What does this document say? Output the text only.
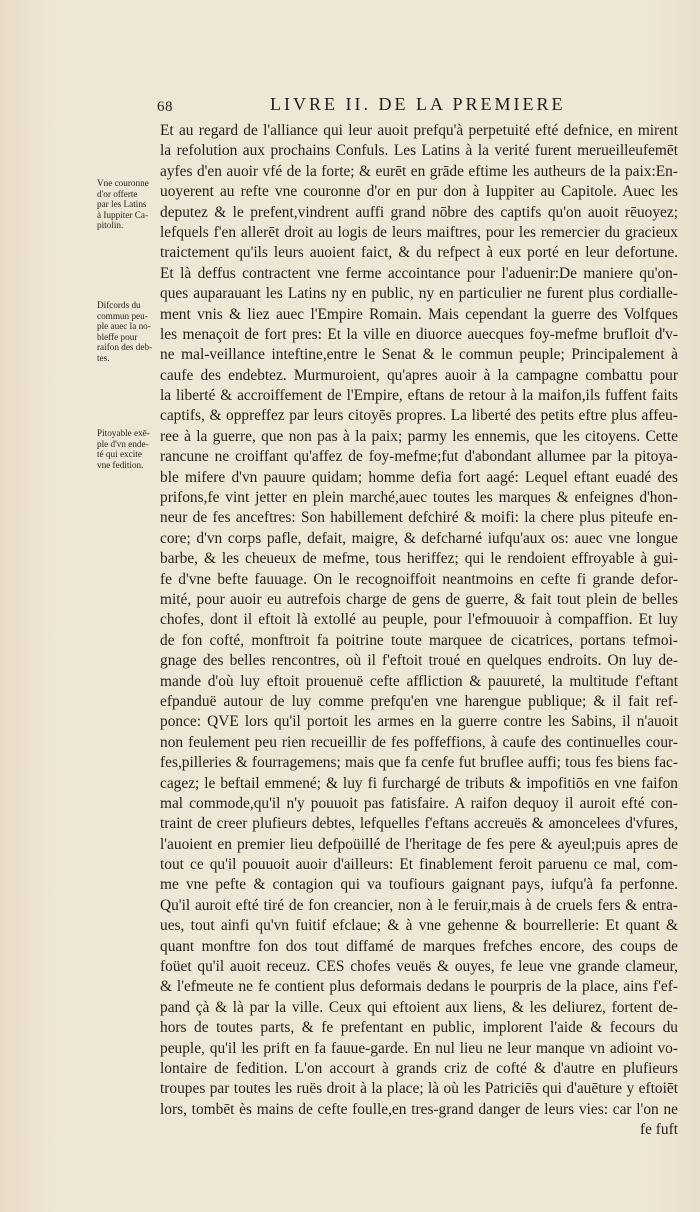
68	LIVRE II. DE LA PREMIERE
Vne couronne
d'or offerte
par les Latins
à Iuppiter Ca-
pitolin.
Difcords du
commun peu-
ple auec la no-
bleffe pour
raifon des deb-
tes.
Pitoyable exē-
ple d'vn ende-
té qui excite
vne fedition.
Et au regard de l'alliance qui leur auoit prefqu'à perpetuité efté defnice, en mirent
la refolution aux prochains Confuls. Les Latins à la verité furent merueilleufemēt
ayfes d'en auoir vfé de la forte; & eurēt en grāde eftime les autheurs de la paix:En-
uoyerent au refte vne couronne d'or en pur don à Iuppiter au Capitole. Auec les
deputez & le prefent,vindrent auffi grand nōbre des captifs qu'on auoit rēuoyez;
lefquels f'en allerēt droit au logis de leurs maiftres, pour les remercier du gracieux
traictement qu'ils leurs auoient faict, & du refpect à eux porté en leur defortune.
Et là deffus contractent vne ferme accointance pour l'aduenir:De maniere qu'on-
ques auparauant les Latins ny en public, ny en particulier ne furent plus cordialle-
ment vnis & liez auec l'Empire Romain. Mais cependant la guerre des Volfques
les menaçoit de fort pres: Et la ville en diuorce auecques foy-mefme brufloit d'v-
ne mal-veillance inteftine,entre le Senat & le commun peuple; Principalement à
caufe des endebtez. Murmuroient, qu'apres auoir à la campagne combattu pour
la liberté & accroiffement de l'Empire, eftans de retour à la maifon,ils fuffent faits
captifs, & oppreffez par leurs citoyēs propres. La liberté des petits eftre plus affeu-
ree à la guerre, que non pas à la paix; parmy les ennemis, que les citoyens. Cette
rancune ne croiffant qu'affez de foy-mefme;fut d'abondant allumee par la pitoya-
ble mifere d'vn pauure quidam; homme defia fort aagé: Lequel eftant euadé des
prifons,fe vint jetter en plein marché,auec toutes les marques & enfeignes d'hon-
neur de fes anceftres: Son habillement defchiré & moifi: la chere plus piteufe en-
core; d'vn corps pafle, defait, maigre, & defcharné iufqu'aux os: auec vne longue
barbe, & les cheueux de mefme, tous heriffez; qui le rendoient effroyable à gui-
fe d'vne befte fauuage. On le recognoiffoit neantmoins en cefte fi grande defor-
mité, pour auoir eu autrefois charge de gens de guerre, & fait tout plein de belles
chofes, dont il eftoit là extollé au peuple, pour l'efmouuoir à compaffion. Et luy
de fon cofté, monftroit fa poitrine toute marquee de cicatrices, portans tefmoi-
gnage des belles rencontres, où il f'eftoit troué en quelques endroits. On luy de-
mande d'où luy eftoit prouenuë cefte affliction & pauureté, la multitude f'eftant
efpanduë autour de luy comme prefqu'en vne harengue publique; & il fait ref-
ponce: QVE lors qu'il portoit les armes en la guerre contre les Sabins, il n'auoit
non feulement peu rien recueillir de fes poffeffions, à caufe des continuelles cour-
fes,pilleries & fourragemens; mais que fa cenfe fut bruflee auffi; tous fes biens fac-
cagez; le beftail emmené; & luy fi furchargé de tributs & impofitiōs en vne faifon
mal commode,qu'il n'y pouuoit pas fatisfaire. A raifon dequoy il auroit efté con-
traint de creer plufieurs debtes, lefquelles f'eftans accreuës & amoncelees d'vfures,
l'auoient en premier lieu defpoüillé de l'heritage de fes pere & ayeul;puis apres de
tout ce qu'il pouuoit auoir d'ailleurs: Et finablement feroit paruenu ce mal, com-
me vne pefte & contagion qui va toufiours gaignant pays, iufqu'à fa perfonne.
Qu'il auroit efté tiré de fon creancier, non à le feruir,mais à de cruels fers & entra-
ues, tout ainfi qu'vn fuitif efclaue; & à vne gehenne & bourrellerie: Et quant &
quant monftre fon dos tout diffamé de marques frefches encore, des coups de
foüet qu'il auoit receuz. CES chofes veuës & ouyes, fe leue vne grande clameur,
& l'efmeute ne fe contient plus deformais dedans le pourpris de la place, ains f'ef-
pand çà & là par la ville. Ceux qui eftoient aux liens, & les deliurez, fortent de-
hors de toutes parts, & fe prefentant en public, implorent l'aide & fecours du
peuple, qu'il les prift en fa fauue-garde. En nul lieu ne leur manque vn adioint vo-
lontaire de fedition. L'on accourt à grands criz de cofté & d'autre en plufieurs
troupes par toutes les ruës droit à la place; là où les Patriciēs qui d'auēture y eftoiēt
lors, tombēt ès mains de cefte foulle,en tres-grand danger de leurs vies: car l'on ne
fe fuft
